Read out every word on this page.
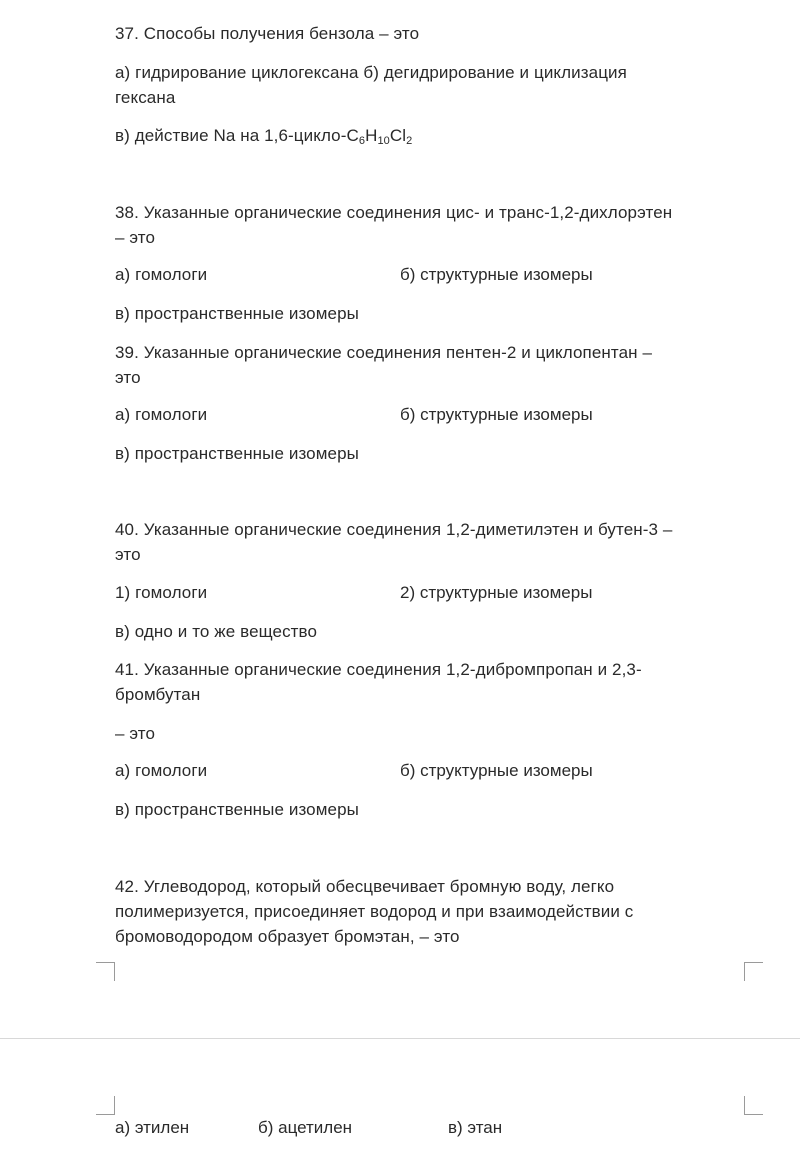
37. Способы получения бензола – это
а) гидрирование циклогексана б) дегидрирование и циклизация
гексана
в) действие Na на $1,6-цикло-С_6Н_{10}Cl_2$
38. Указанные органические соединения цис- и транс-1,2-дихлорэтен
– это
а) гомологи	б) структурные изомеры
в) пространственные изомеры
39. Указанные органические соединения пентен-2 и циклопентан –
это
а) гомологи	б) структурные изомеры
в) пространственные изомеры
40. Указанные органические соединения 1,2-диметилэтен и бутен-3 –
это
1) гомологи	2) структурные изомеры
в) одно и то же вещество
41. Указанные органические соединения 1,2-дибромпропан и 2,3-
бромбутан
– это
а) гомологи	б) структурные изомеры
в) пространственные изомеры
42. Углеводород, который обесцвечивает бромную воду, легко
полимеризуется, присоединяет водород и при взаимодействии с
бромоводородом образует бромэтан, – это
а) этилен	б) ацетилен	в) этан
